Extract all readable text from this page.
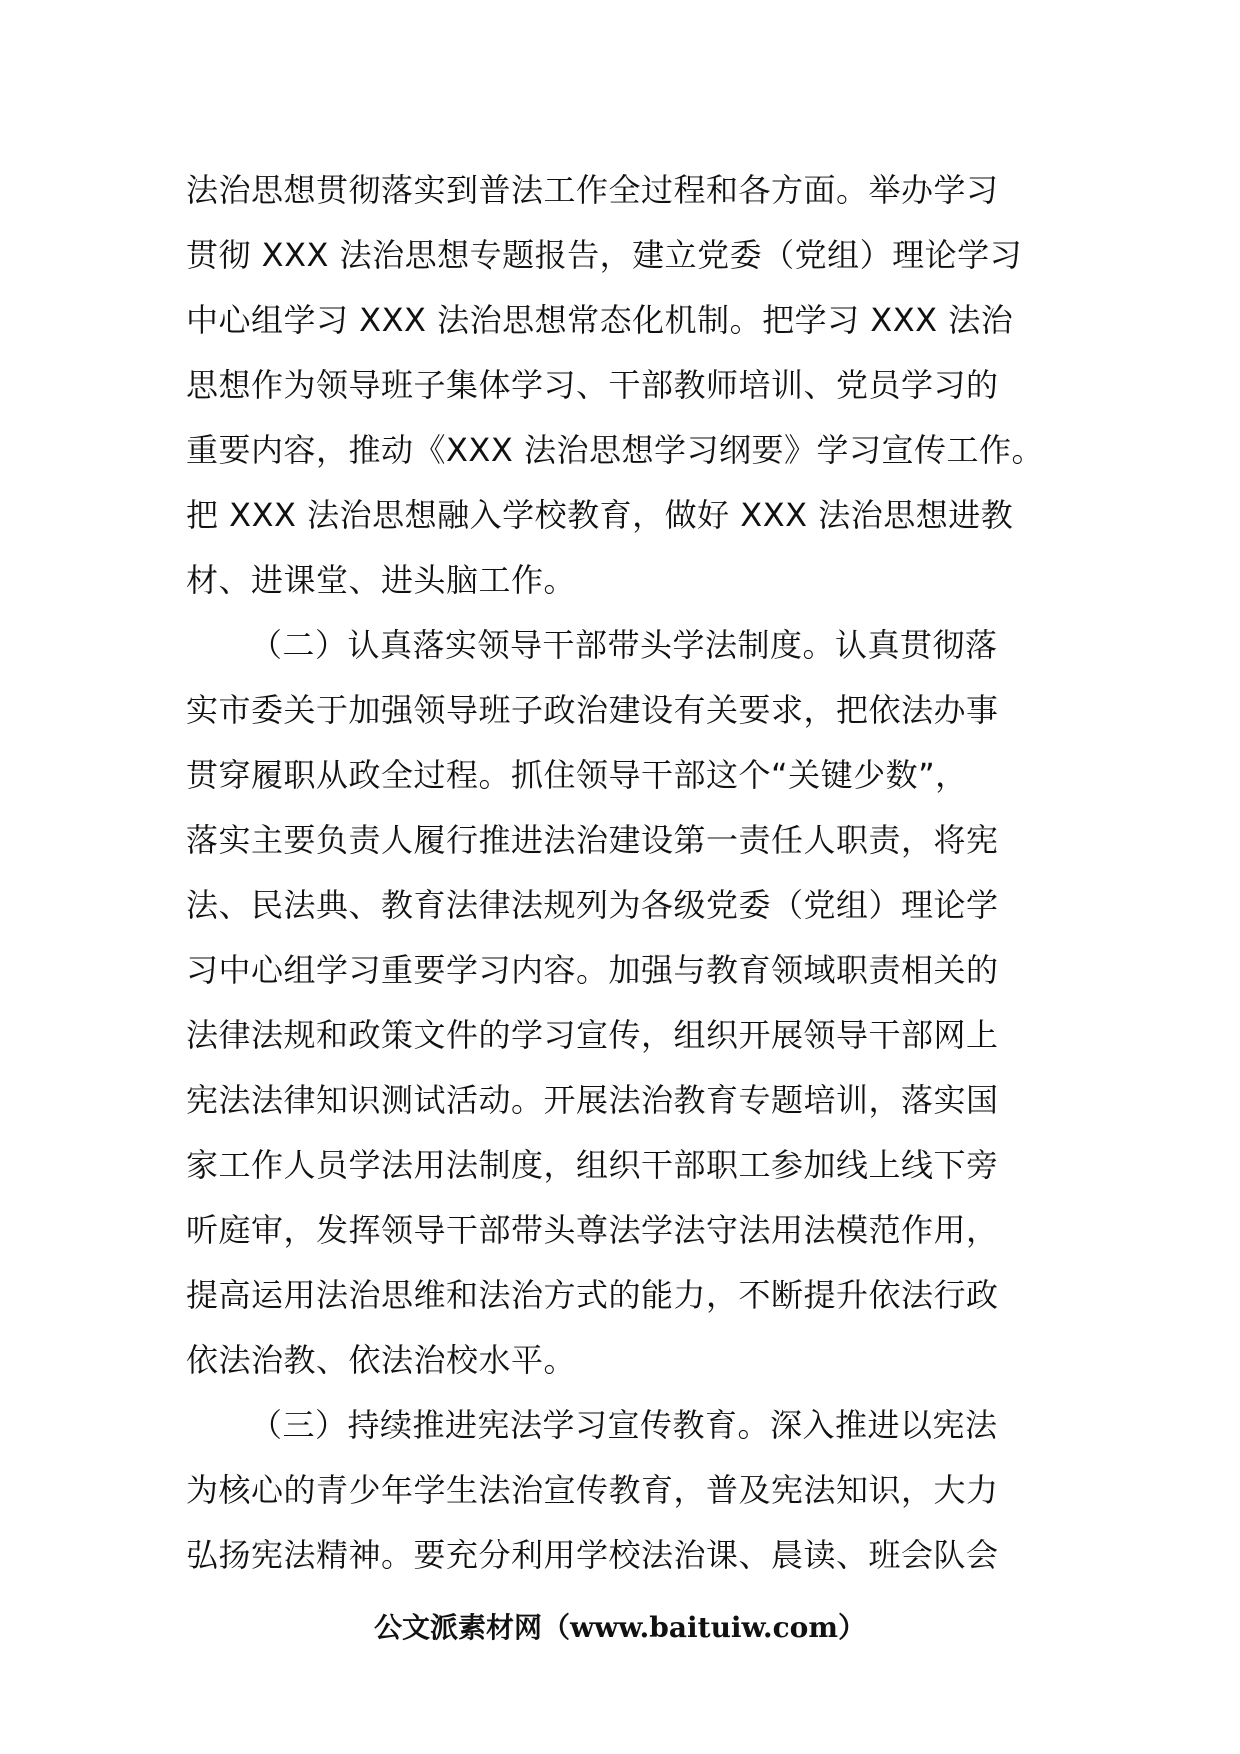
法治思想贯彻落实到普法工作全过程和各方面。举办学习
贯彻 XXX 法治思想专题报告，建立党委（党组）理论学习
中心组学习 XXX 法治思想常态化机制。把学习 XXX 法治
思想作为领导班子集体学习、干部教师培训、党员学习的
重要内容，推动《XXX 法治思想学习纲要》学习宣传工作。
把 XXX 法治思想融入学校教育，做好 XXX 法治思想进教
材、进课堂、进头脑工作。
（二）认真落实领导干部带头学法制度。认真贯彻落
实市委关于加强领导班子政治建设有关要求，把依法办事
贯穿履职从政全过程。抓住领导干部这个“关键少数”，
落实主要负责人履行推进法治建设第一责任人职责，将宪
法、民法典、教育法律法规列为各级党委（党组）理论学
习中心组学习重要学习内容。加强与教育领域职责相关的
法律法规和政策文件的学习宣传，组织开展领导干部网上
宪法法律知识测试活动。开展法治教育专题培训，落实国
家工作人员学法用法制度，组织干部职工参加线上线下旁
听庭审，发挥领导干部带头尊法学法守法用法模范作用，
提高运用法治思维和法治方式的能力，不断提升依法行政
依法治教、依法治校水平。
（三）持续推进宪法学习宣传教育。深入推进以宪法
为核心的青少年学生法治宣传教育，普及宪法知识，大力
弘扬宪法精神。要充分利用学校法治课、晨读、班会队会
公文派素材网（www.baituiw.com）
